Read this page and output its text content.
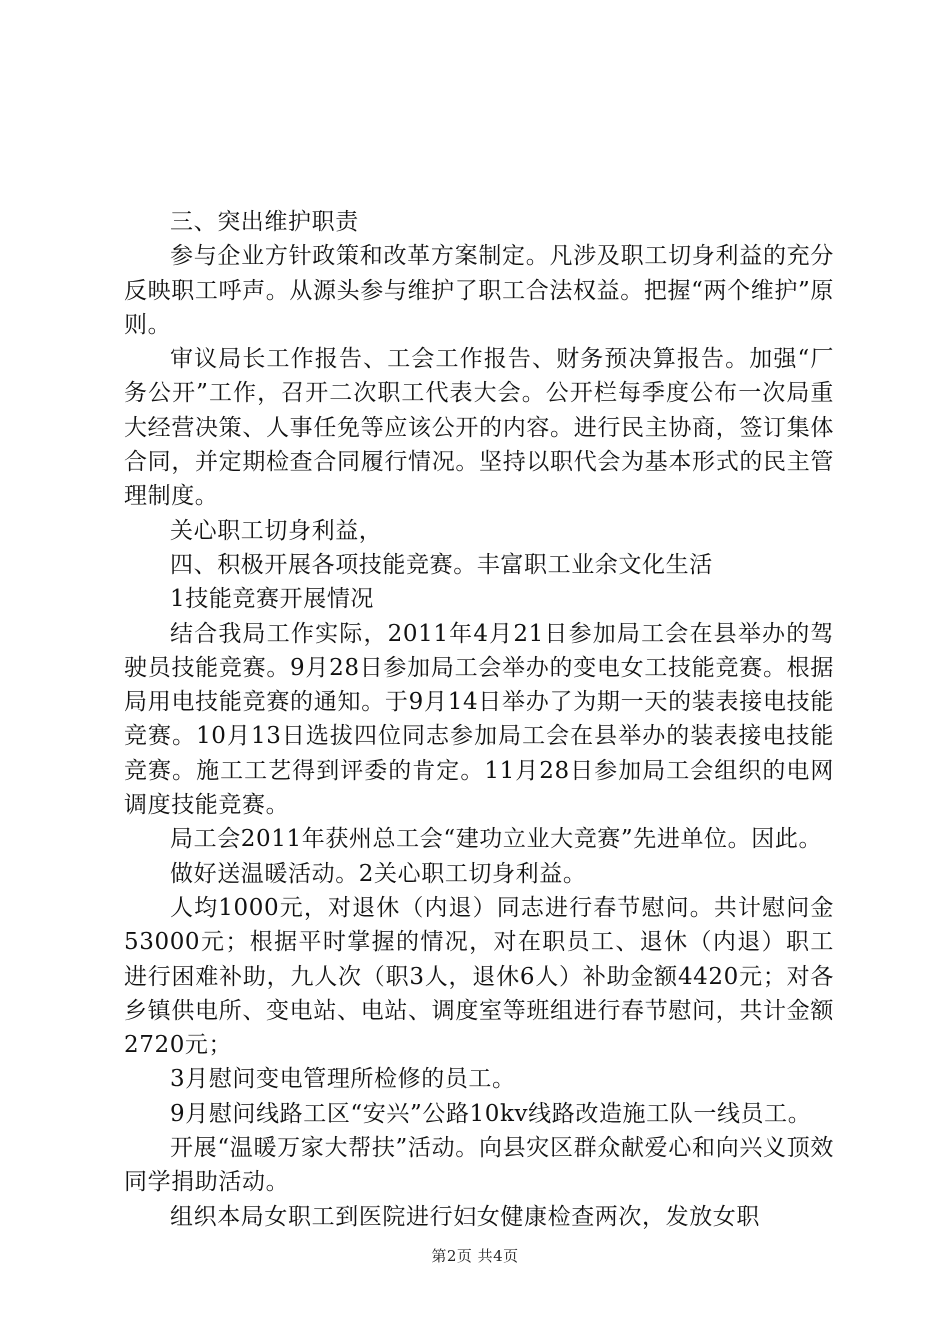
三、突出维护职责

参与企业方针政策和改革方案制定。凡涉及职工切身利益的充分反映职工呼声。从源头参与维护了职工合法权益。把握“两个维护”原则。

审议局长工作报告、工会工作报告、财务预决算报告。加强“厂务公开”工作，召开二次职工代表大会。公开栏每季度公布一次局重大经营决策、人事任免等应该公开的内容。进行民主协商，签订集体合同，并定期检查合同履行情况。坚持以职代会为基本形式的民主管理制度。

关心职工切身利益，

四、积极开展各项技能竞赛。丰富职工业余文化生活

1技能竞赛开展情况

结合我局工作实际，2011年4月21日参加局工会在县举办的驾驶员技能竞赛。9月28日参加局工会举办的变电女工技能竞赛。根据局用电技能竞赛的通知。于9月14日举办了为期一天的装表接电技能竞赛。10月13日选拔四位同志参加局工会在县举办的装表接电技能竞赛。施工工艺得到评委的肯定。11月28日参加局工会组织的电网调度技能竞赛。

局工会2011年获州总工会“建功立业大竞赛”先进单位。因此。

做好送温暖活动。2关心职工切身利益。

人均1000元，对退休（内退）同志进行春节慰问。共计慰问金53000元；根据平时掌握的情况，对在职员工、退休（内退）职工进行困难补助，九人次（职3人，退休6人）补助金额4420元；对各乡镇供电所、变电站、电站、调度室等班组进行春节慰问，共计金额2720元；

3月慰问变电管理所检修的员工。

9月慰问线路工区“安兴”公路10kv线路改造施工队一线员工。

开展“温暖万家大帮扶”活动。向县灾区群众献爱心和向兴义顶效同学捐助活动。

组织本局女职工到医院进行妇女健康检查两次，发放女职

第2页 共4页
